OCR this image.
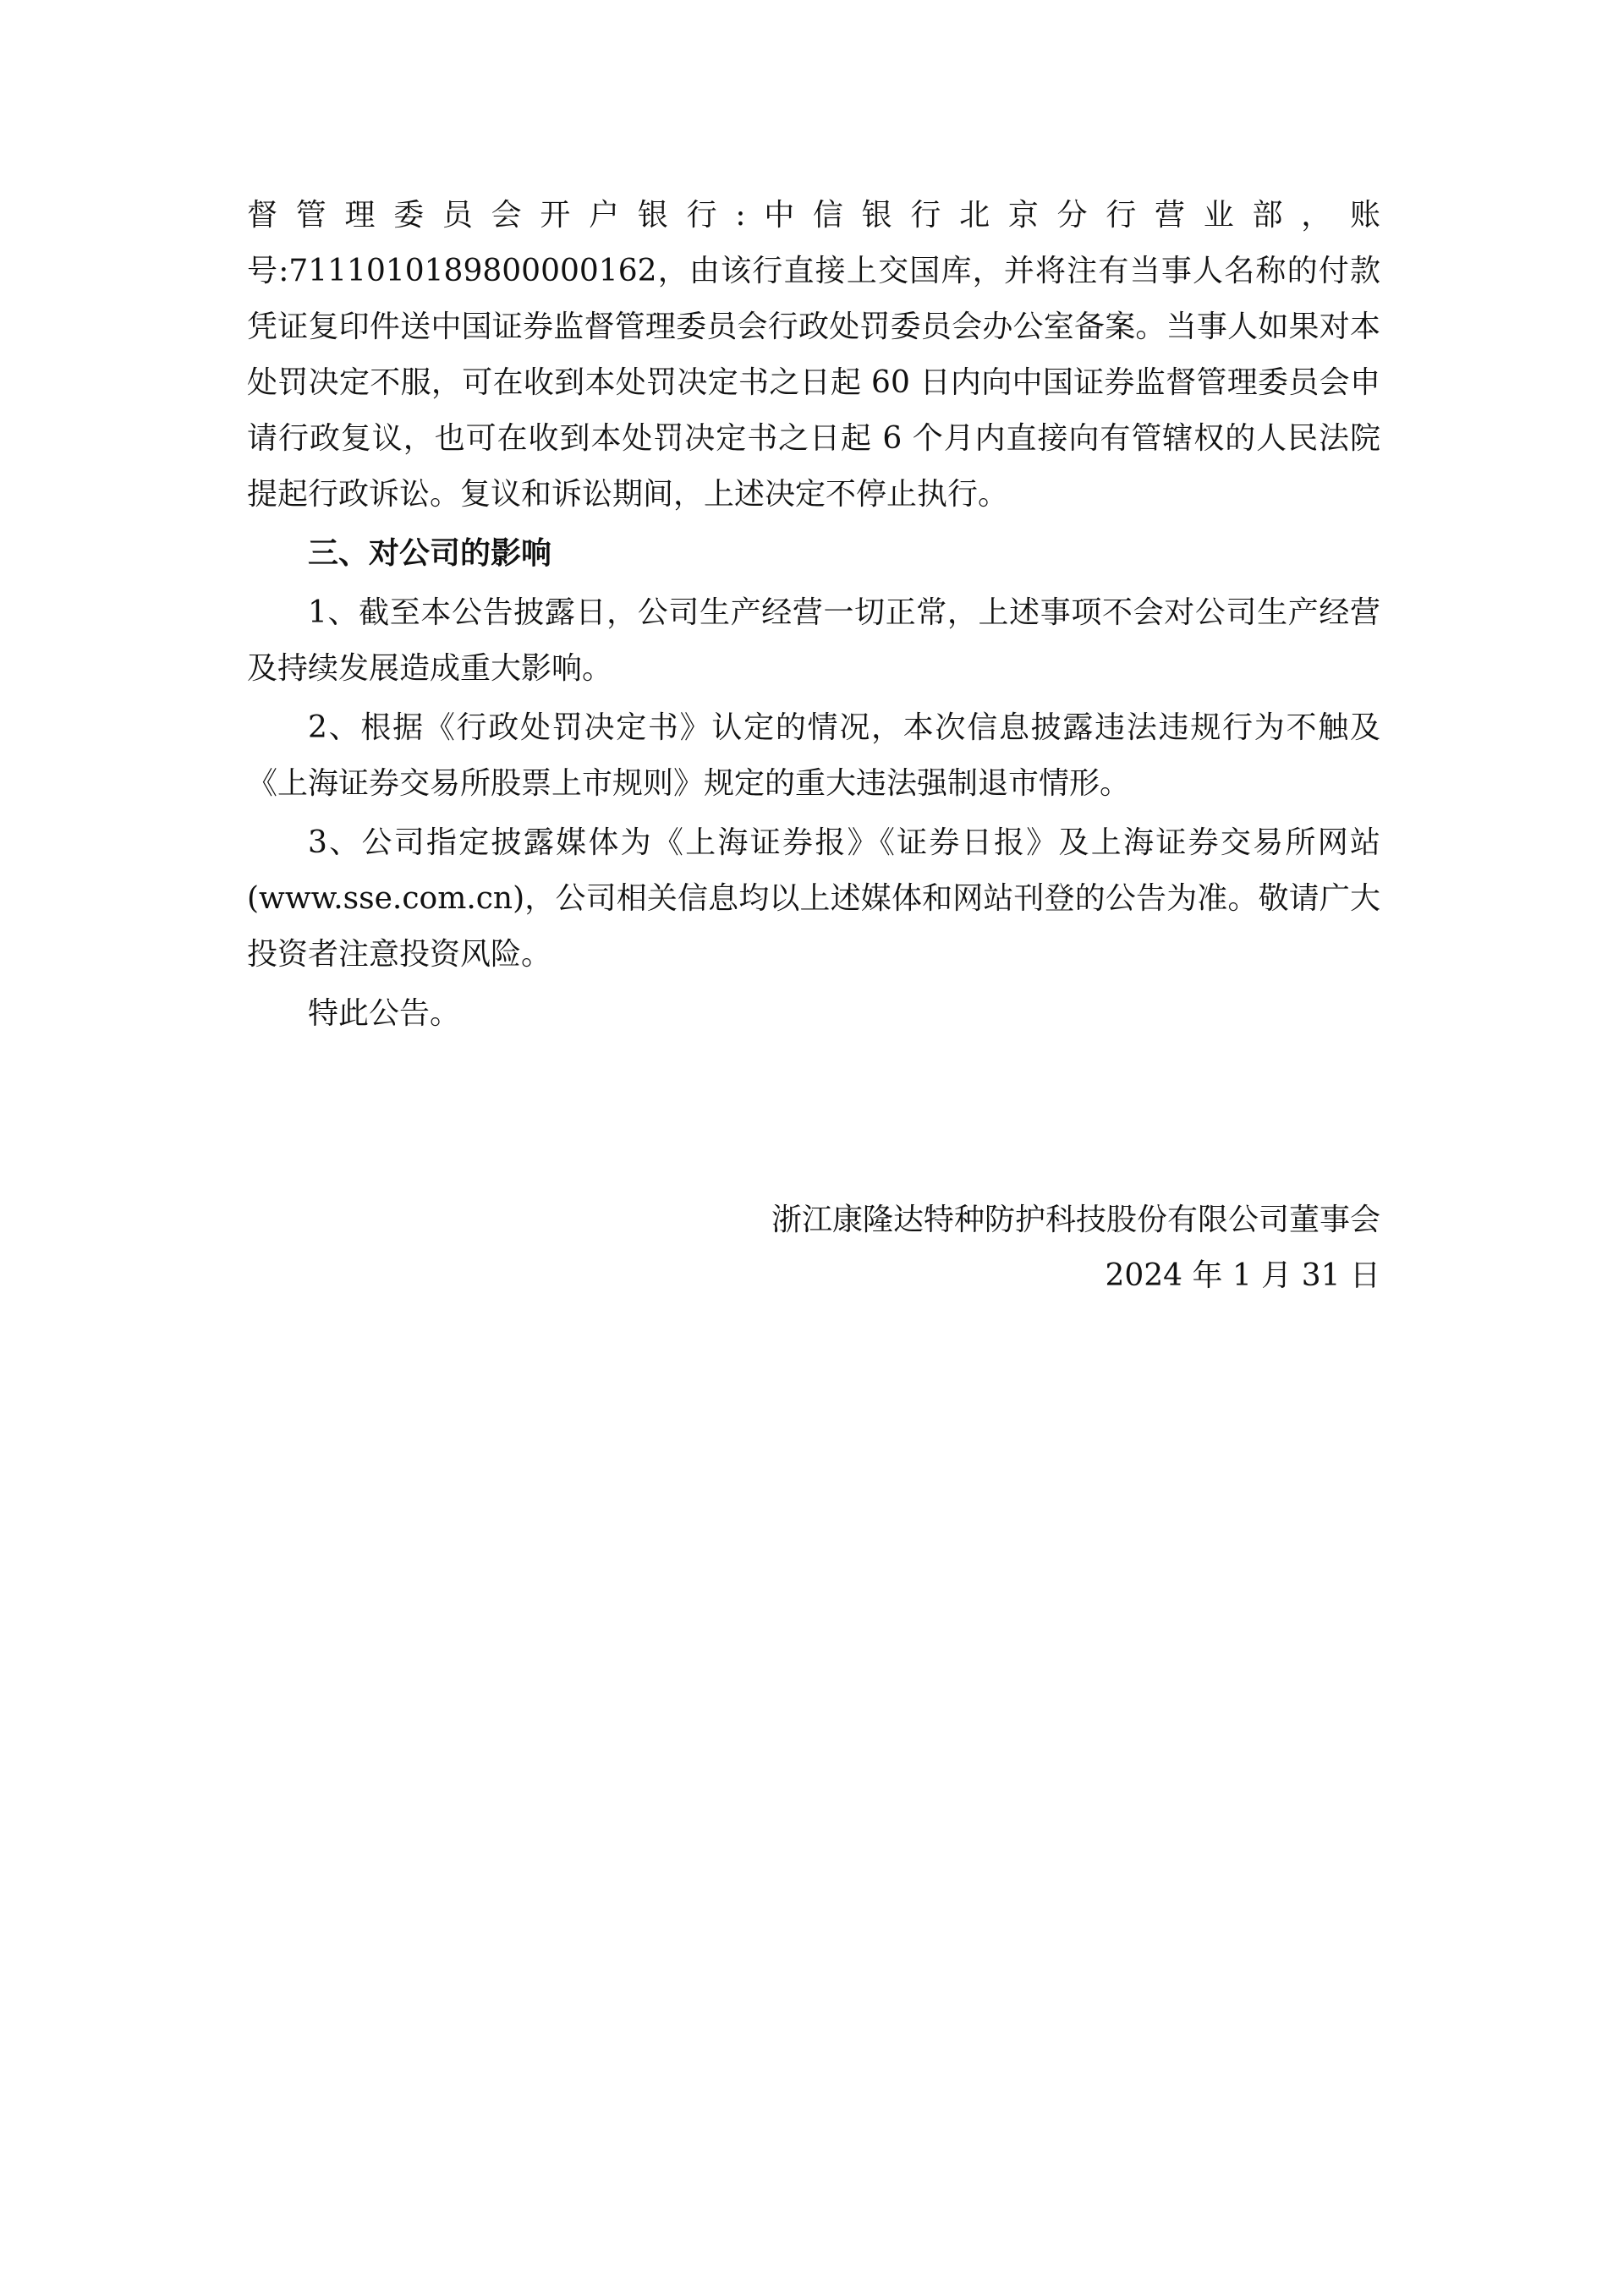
督管理委员会开户银行:中信银行北京分行营业部，账号:7111010189800000162，由该行直接上交国库，并将注有当事人名称的付款凭证复印件送中国证券监督管理委员会行政处罚委员会办公室备案。当事人如果对本处罚决定不服，可在收到本处罚决定书之日起 60 日内向中国证券监督管理委员会申请行政复议，也可在收到本处罚决定书之日起 6 个月内直接向有管辖权的人民法院提起行政诉讼。复议和诉讼期间，上述决定不停止执行。

三、对公司的影响

1、截至本公告披露日，公司生产经营一切正常，上述事项不会对公司生产经营及持续发展造成重大影响。

2、根据《行政处罚决定书》认定的情况，本次信息披露违法违规行为不触及《上海证券交易所股票上市规则》规定的重大违法强制退市情形。

3、公司指定披露媒体为《上海证券报》《证券日报》及上海证券交易所网站(www.sse.com.cn)，公司相关信息均以上述媒体和网站刊登的公告为准。敬请广大投资者注意投资风险。

特此公告。

浙江康隆达特种防护科技股份有限公司董事会

2024 年 1 月 31 日
